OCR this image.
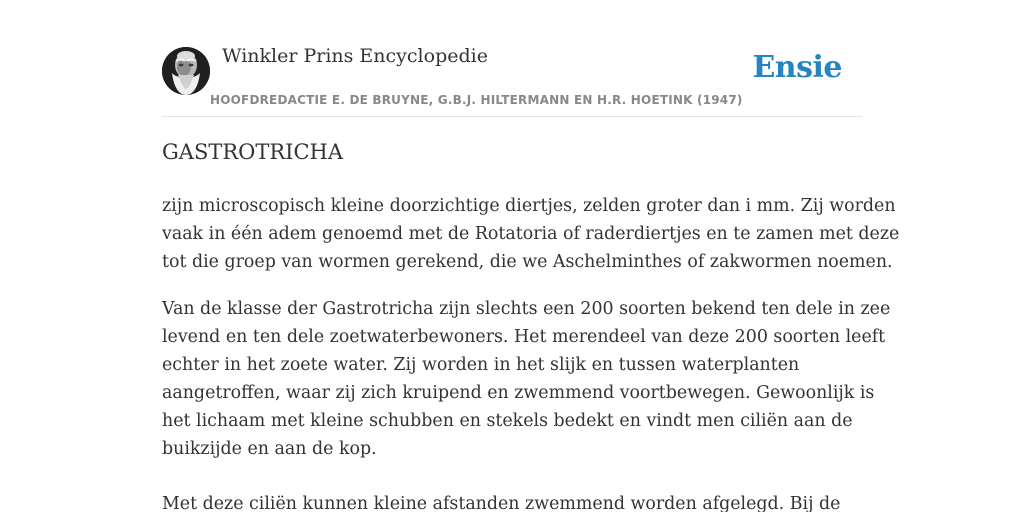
Winkler Prins Encyclopedie
HOOFDREDACTIE E. DE BRUYNE, G.B.J. HILTERMANN EN H.R. HOETINK (1947)
Ensie
GASTROTRICHA

zijn microscopisch kleine doorzichtige diertjes, zelden groter dan i mm. Zij worden
vaak in één adem genoemd met de Rotatoria of raderdiertjes en te zamen met deze
tot die groep van wormen gerekend, die we Aschelminthes of zakwormen noemen.

Van de klasse der Gastrotricha zijn slechts een 200 soorten bekend ten dele in zee
levend en ten dele zoetwaterbewoners. Het merendeel van deze 200 soorten leeft
echter in het zoete water. Zij worden in het slijk en tussen waterplanten
aangetroffen, waar zij zich kruipend en zwemmend voortbewegen. Gewoonlijk is
het lichaam met kleine schubben en stekels bedekt en vindt men ciliën aan de
buikzijde en aan de kop.

Met deze ciliën kunnen kleine afstanden zwemmend worden afgelegd. Bij de
